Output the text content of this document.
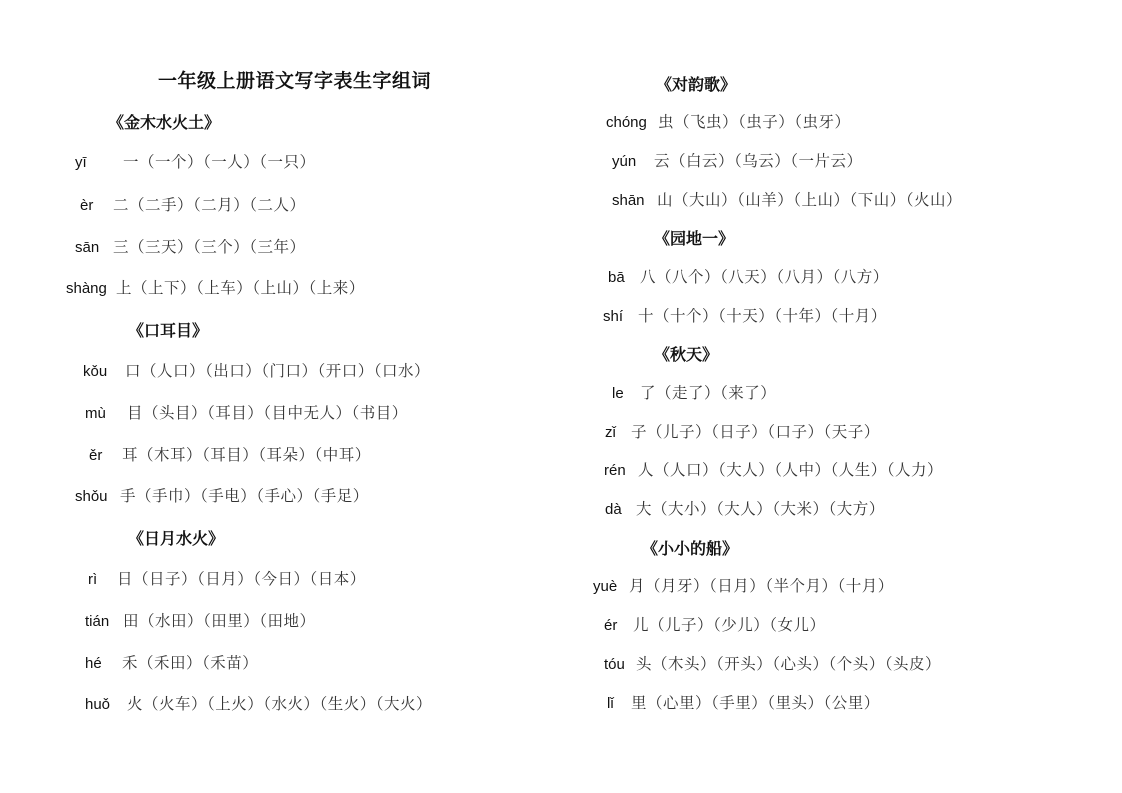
一年级上册语文写字表生字组词
《金木水火土》
yī	一（一个）（一人）（一只）
èr	二（二手）（二月）（二人）
sān 三（三天）（三个）（三年）
shàng 上（上下）（上车）（上山）（上来）
《口耳目》
kǒu	口（人口）（出口）（门口）（开口）（口水）
mù	目（头目）（耳目）（目中无人）（书目）
ěr	耳（木耳）（耳目）（耳朵）（中耳）
shǒu 手（手巾）（手电）（手心）（手足）
《日月水火》
rì	日（日子）（日月）（今日）（日本）
tián 田（水田）（田里）（田地）
hé	禾（禾田）（禾苗）
huǒ	火（火车）（上火）（水火）（生火）（大火）
《对韵歌》
chóng 虫（飞虫）（虫子）（虫牙）
yún	云（白云）（乌云）（一片云）
shān 山（大山）（山羊）（上山）（下山）（火山）
《园地一》
bā 八（八个）（八天）（八月）（八方）
shí 十（十个）（十天）（十年）（十月）
《秋天》
le	了（走了）（来了）
zǐ 子（儿子）（日子）（口子）（天子）
rén 人（人口）（大人）（人中）（人生）（人力）
dà 大（大小）（大人）（大米）（大方）
《小小的船》
yuè 月（月牙）（日月）（半个月）（十月）
ér	儿（儿子）（少儿）（女儿）
tóu 头（木头）（开头）（心头）（个头）（头皮）
lǐ	里（心里）（手里）（里头）（公里）
